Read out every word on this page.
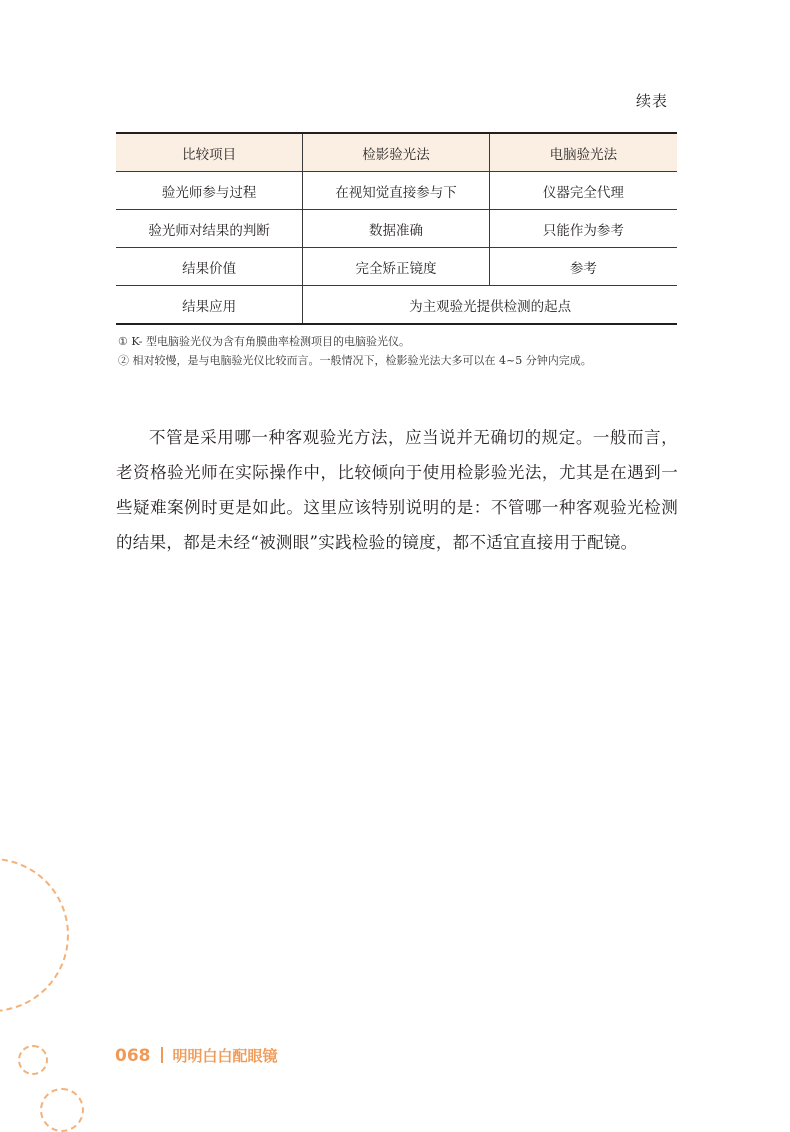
续表
比较项目	检影验光法	电脑验光法
验光师参与过程	在视知觉直接参与下	仪器完全代理
验光师对结果的判断	数据准确	只能作为参考
结果价值	完全矫正镜度	参考
结果应用	为主观验光提供检测的起点	
① K- 型电脑验光仪为含有角膜曲率检测项目的电脑验光仪。
② 相对较慢，是与电脑验光仪比较而言。一般情况下，检影验光法大多可以在 4~5 分钟内完成。

不管是采用哪一种客观验光方法，应当说并无确切的规定。一般而言，老资格验光师在实际操作中，比较倾向于使用检影验光法，尤其是在遇到一些疑难案例时更是如此。这里应该特别说明的是：不管哪一种客观验光检测的结果，都是未经“被测眼”实践检验的镜度，都不适宜直接用于配镜。

068 明明白白配眼镜
